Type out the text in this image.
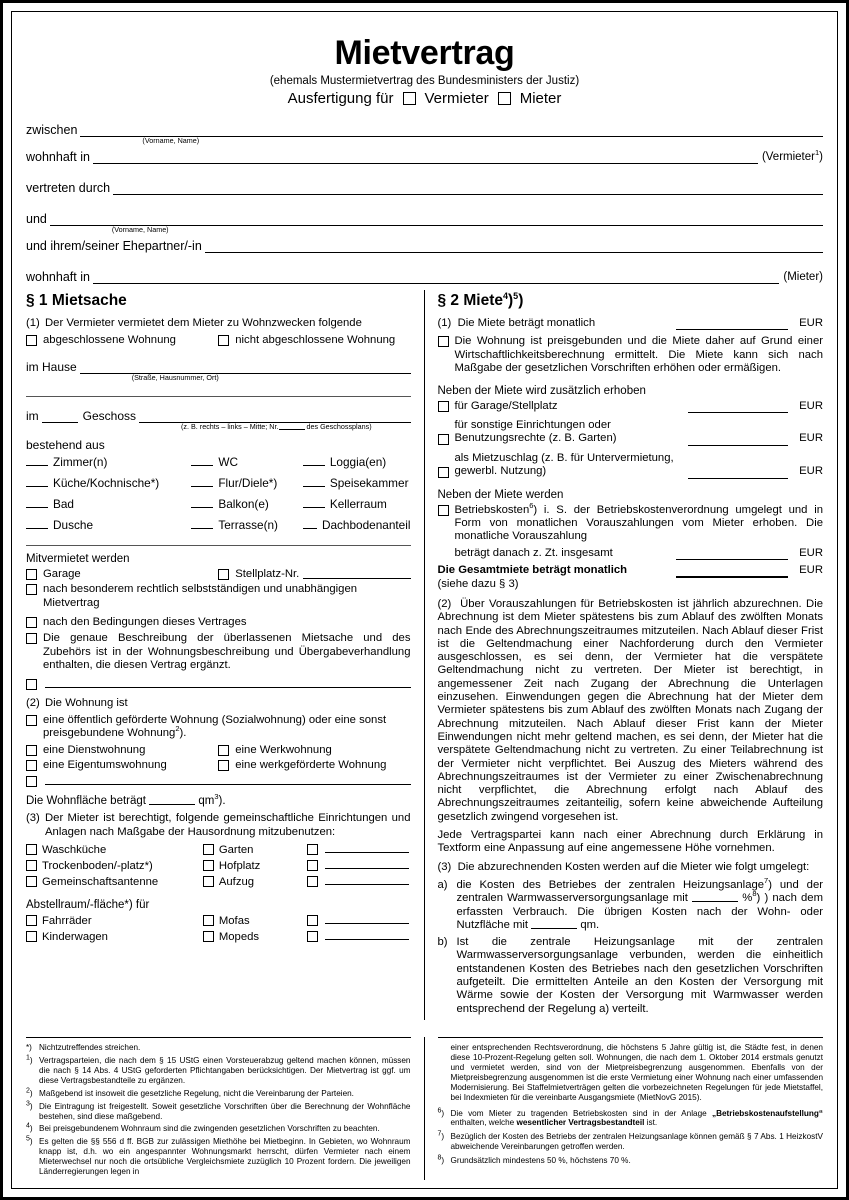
Mietvertrag
(ehemals Mustermietvertrag des Bundesministers der Justiz)
Ausfertigung für Vermieter Mieter
zwischen
(Vorname, Name)
wohnhaft in	(Vermieter$^1$)
vertreten durch
und
(Vorname, Name)
und ihrem/seiner Ehepartner/-in
wohnhaft in	(Mieter)
§ 1 Mietsache
(1) Der Vermieter vermietet dem Mieter zu Wohnzwecken folgende
abgeschlossene Wohnung	nicht abgeschlossene Wohnung
im Hause
(Straße, Hausnummer, Ort)
im	Geschoss
(z. B. rechts – links – Mitte; Nr.	des Geschossplans)
bestehend aus
Zimmer(n)	WC	Loggia(en)
Küche/Kochnische*)	Flur/Diele*)	Speisekammer
Bad	Balkon(e)	Kellerraum
Dusche	Terrasse(n)	Dachbodenanteil
Mitvermietet werden
Garage	Stellplatz-Nr.
nach besonderem rechtlich selbstständigen und unabhängigen Mietvertrag
nach den Bedingungen dieses Vertrages
Die genaue Beschreibung der überlassenen Mietsache und des Zubehörs ist in der Wohnungsbeschreibung und Übergabeverhandlung enthalten, die diesen Vertrag ergänzt.
(2) Die Wohnung ist
eine öffentlich geförderte Wohnung (Sozialwohnung) oder eine sonst preisgebundene Wohnung$^2$).
eine Dienstwohnung	eine Werkwohnung
eine Eigentumswohnung	eine werkgeförderte Wohnung
Die Wohnfläche beträgt	$qm^3$).
(3) Der Mieter ist berechtigt, folgende gemeinschaftliche Einrichtungen und Anlagen nach Maßgabe der Hausordnung mitzubenutzen:
Waschküche	Garten
Trockenboden/-platz*)	Hofplatz
Gemeinschaftsantenne	Aufzug
Abstellraum/-fläche*) für
Fahrräder	Mofas
Kinderwagen	Mopeds
§ 2 Miete$^4$)$^5$)
(1) Die Miete beträgt monatlich	EUR
Die Wohnung ist preisgebunden und die Miete daher auf Grund einer Wirtschaftlichkeitsberechnung ermittelt. Die Miete kann sich nach Maßgabe der gesetzlichen Vorschriften erhöhen oder ermäßigen.
Neben der Miete wird zusätzlich erhoben
für Garage/Stellplatz	EUR
für sonstige Einrichtungen oder Benutzungsrechte (z. B. Garten)	EUR
als Mietzuschlag (z. B. für Untervermietung, gewerbl. Nutzung)	EUR
Neben der Miete werden
Betriebskosten$^6$) i. S. der Betriebskostenverordnung umgelegt und in Form von monatlichen Vorauszahlungen vom Mieter erhoben. Die monatliche Vorauszahlung
beträgt danach z. Zt. insgesamt	EUR
Die Gesamtmiete beträgt monatlich	EUR
(siehe dazu § 3)
(2) Über Vorauszahlungen für Betriebskosten ist jährlich abzurechnen. Die Abrechnung ist dem Mieter spätestens bis zum Ablauf des zwölften Monats nach Ende des Abrechnungszeitraumes mitzuteilen. Nach Ablauf dieser Frist ist die Geltendmachung einer Nachforderung durch den Vermieter ausgeschlossen, es sei denn, der Vermieter hat die verspätete Geltendmachung nicht zu vertreten. Der Mieter ist berechtigt, in angemessener Zeit nach Zugang der Abrechnung die Unterlagen einzusehen. Einwendungen gegen die Abrechnung hat der Mieter dem Vermieter spätestens bis zum Ablauf des zwölften Monats nach Zugang der Abrechnung mitzuteilen. Nach Ablauf dieser Frist kann der Mieter Einwendungen nicht mehr geltend machen, es sei denn, der Mieter hat die verspätete Geltendmachung nicht zu vertreten. Zu einer Teilabrechnung ist der Vermieter nicht verpflichtet. Bei Auszug des Mieters während des Abrechnungszeitraumes ist der Vermieter zu einer Zwischenabrechnung nicht verpflichtet, die Abrechnung erfolgt nach Ablauf des Abrechnungszeitraumes zeitanteilig, sofern keine abweichende Aufteilung gesetzlich zwingend vorgesehen ist.
Jede Vertragspartei kann nach einer Abrechnung durch Erklärung in Textform eine Anpassung auf eine angemessene Höhe vornehmen.
(3) Die abzurechnenden Kosten werden auf die Mieter wie folgt umgelegt:
a) die Kosten des Betriebes der zentralen Heizungsanlage$^7$) und der zentralen Warmwasserversorgungsanlage mit	%$^8$) ) nach dem erfassten Verbrauch. Die übrigen Kosten nach der Wohn- oder Nutzfläche mit	qm.
b) Ist die zentrale Heizungsanlage mit der zentralen Warmwasserversorgungsanlage verbunden, werden die einheitlich entstandenen Kosten des Betriebes nach den gesetzlichen Vorschriften aufgeteilt. Die ermittelten Anteile an den Kosten der Versorgung mit Wärme sowie der Kosten der Versorgung mit Warmwasser werden entsprechend der Regelung a) verteilt.
*) Nichtzutreffendes streichen.
$^1$) Vertragsparteien, die nach dem § 15 UStG einen Vorsteuerabzug geltend machen können, müssen die nach § 14 Abs. 4 UStG geforderten Pflichtangaben berücksichtigen. Der Mietvertrag ist ggf. um diese Vertragsbestandteile zu ergänzen.
$^2$) Maßgebend ist insoweit die gesetzliche Regelung, nicht die Vereinbarung der Parteien.
$^3$) Die Eintragung ist freigestellt. Soweit gesetzliche Vorschriften über die Berechnung der Wohnfläche bestehen, sind diese maßgebend.
$^4$) Bei preisgebundenem Wohnraum sind die zwingenden gesetzlichen Vorschriften zu beachten.
$^5$) Es gelten die §§ 556 d ff. BGB zur zulässigen Miethöhe bei Mietbeginn. In Gebieten, wo Wohnraum knapp ist, d.h. wo ein angespannter Wohnungsmarkt herrscht, dürfen Vermieter nach einem Mieterwechsel nur noch die ortsübliche Vergleichsmiete zuzüglich 10 Prozent fordern. Die jeweiligen Länderregierungen legen in
einer entsprechenden Rechtsverordnung, die höchstens 5 Jahre gültig ist, die Städte fest, in denen diese 10-Prozent-Regelung gelten soll. Wohnungen, die nach dem 1. Oktober 2014 erstmals genutzt und vermietet werden, sind von der Mietpreisbegrenzung ausgenommen. Ebenfalls von der Mietpreisbegrenzung ausgenommen ist die erste Vermietung einer Wohnung nach einer umfassenden Modernisierung. Bei Staffelmietverträgen gelten die vorbezeichneten Regelungen für jede Mietstaffel, bei Indexmieten für die vereinbarte Ausgangsmiete (MietNovG 2015).
$^6$) Die vom Mieter zu tragenden Betriebskosten sind in der Anlage „Betriebskostenaufstellung“ enthalten, welche wesentlicher Vertragsbestandteil ist.
$^7$) Bezüglich der Kosten des Betriebs der zentralen Heizungsanlage können gemäß § 7 Abs. 1 HeizkostV abweichende Vereinbarungen getroffen werden.
$^8$) Grundsätzlich mindestens 50 %, höchstens 70 %.
